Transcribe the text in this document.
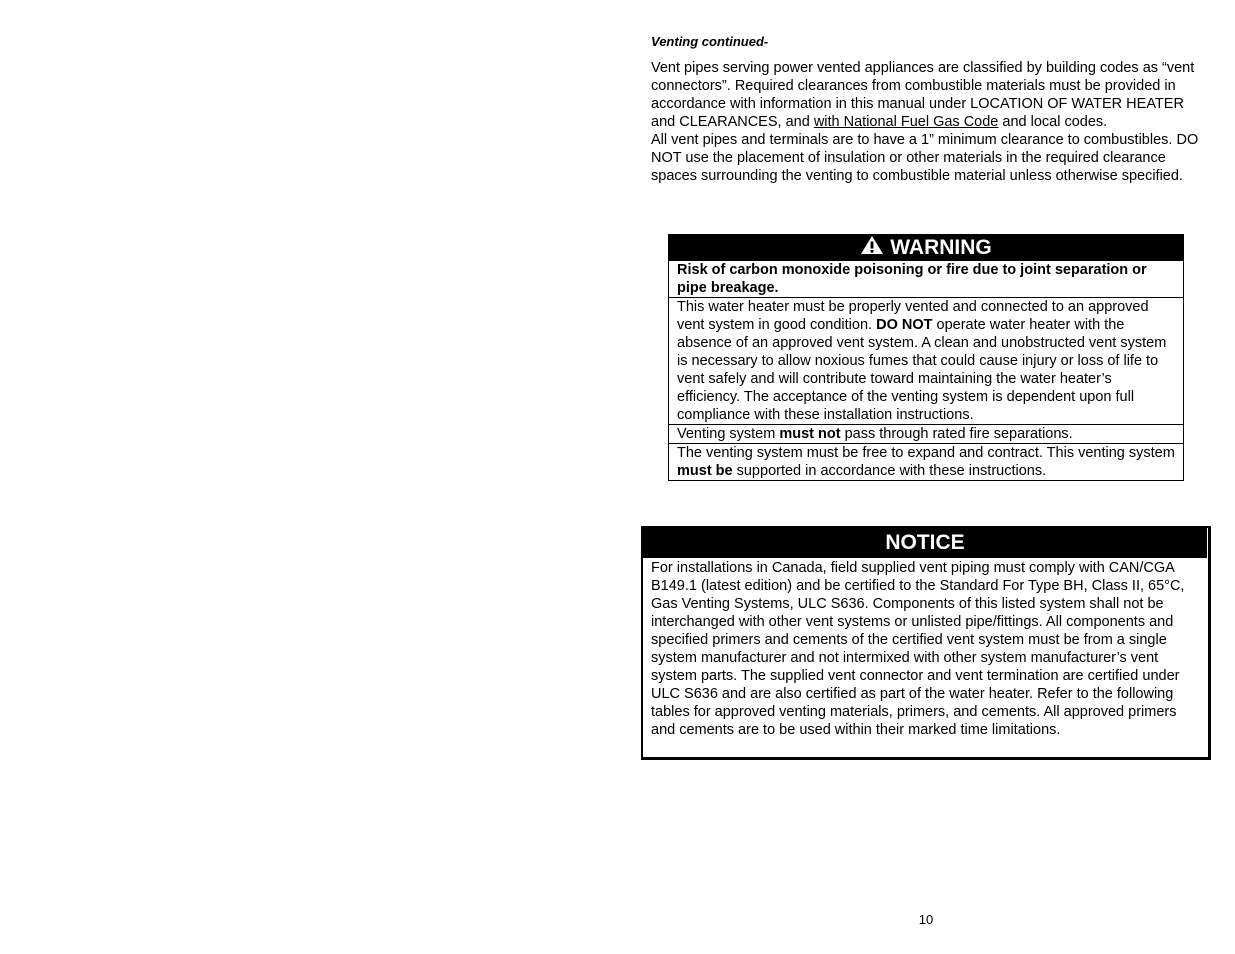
Venting continued-

Vent pipes serving power vented appliances are classified by building codes as “vent connectors”. Required clearances from combustible materials must be provided in accordance with information in this manual under LOCATION OF WATER HEATER and CLEARANCES, and with National Fuel Gas Code and local codes.

All vent pipes and terminals are to have a 1” minimum clearance to combustibles. DO NOT use the placement of insulation or other materials in the required clearance spaces surrounding the venting to combustible material unless otherwise specified.

WARNING
Risk of carbon monoxide poisoning or fire due to joint separation or pipe breakage.
This water heater must be properly vented and connected to an approved vent system in good condition. DO NOT operate water heater with the absence of an approved vent system. A clean and unobstructed vent system is necessary to allow noxious fumes that could cause injury or loss of life to vent safely and will contribute toward maintaining the water heater’s efficiency. The acceptance of the venting system is dependent upon full compliance with these installation instructions.
Venting system must not pass through rated fire separations.
The venting system must be free to expand and contract. This venting system must be supported in accordance with these instructions.
NOTICE
For installations in Canada, field supplied vent piping must comply with CAN/CGA B149.1 (latest edition) and be certified to the Standard For Type BH, Class II, 65°C, Gas Venting Systems, ULC S636. Components of this listed system shall not be interchanged with other vent systems or unlisted pipe/fittings. All components and specified primers and cements of the certified vent system must be from a single system manufacturer and not intermixed with other system manufacturer’s vent system parts. The supplied vent connector and vent termination are certified under ULC S636 and are also certified as part of the water heater. Refer to the following tables for approved venting materials, primers, and cements. All approved primers and cements are to be used within their marked time limitations.
10
